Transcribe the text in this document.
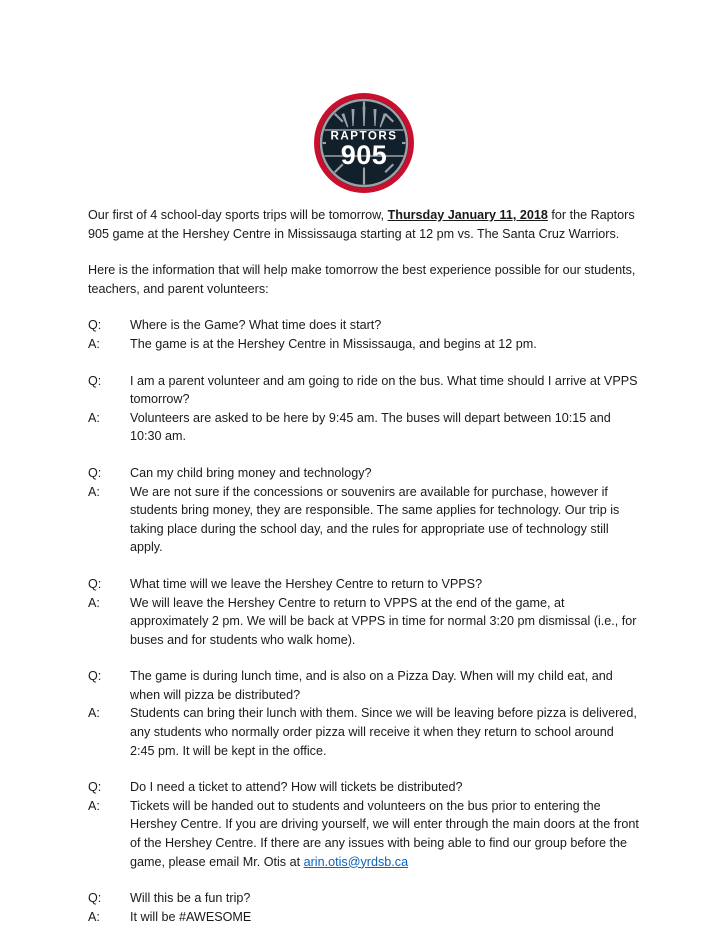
RAPTORS
905

Our first of 4 school-day sports trips will be tomorrow, Thursday January 11, 2018 for the Raptors 905 game at the Hershey Centre in Mississauga starting at 12 pm vs. The Santa Cruz Warriors.

Here is the information that will help make tomorrow the best experience possible for our students, teachers, and parent volunteers:

Q:	Where is the Game? What time does it start?
A:	The game is at the Hershey Centre in Mississauga, and begins at 12 pm.
Q:	I am a parent volunteer and am going to ride on the bus. What time should I arrive at VPPS tomorrow?
A:	Volunteers are asked to be here by 9:45 am. The buses will depart between 10:15 and 10:30 am.
Q:	Can my child bring money and technology?
A:	We are not sure if the concessions or souvenirs are available for purchase, however if students bring money, they are responsible. The same applies for technology. Our trip is taking place during the school day, and the rules for appropriate use of technology still apply.
Q:	What time will we leave the Hershey Centre to return to VPPS?
A:	We will leave the Hershey Centre to return to VPPS at the end of the game, at approximately 2 pm. We will be back at VPPS in time for normal 3:20 pm dismissal (i.e., for buses and for students who walk home).
Q:	The game is during lunch time, and is also on a Pizza Day. When will my child eat, and when will pizza be distributed?
A:	Students can bring their lunch with them. Since we will be leaving before pizza is delivered, any students who normally order pizza will receive it when they return to school around 2:45 pm. It will be kept in the office.
Q:	Do I need a ticket to attend? How will tickets be distributed?
A:	Tickets will be handed out to students and volunteers on the bus prior to entering the Hershey Centre. If you are driving yourself, we will enter through the main doors at the front of the Hershey Centre. If there are any issues with being able to find our group before the game, please email Mr. Otis at arin.otis@yrdsb.ca
Q:	Will this be a fun trip?
A:	It will be #AWESOME
